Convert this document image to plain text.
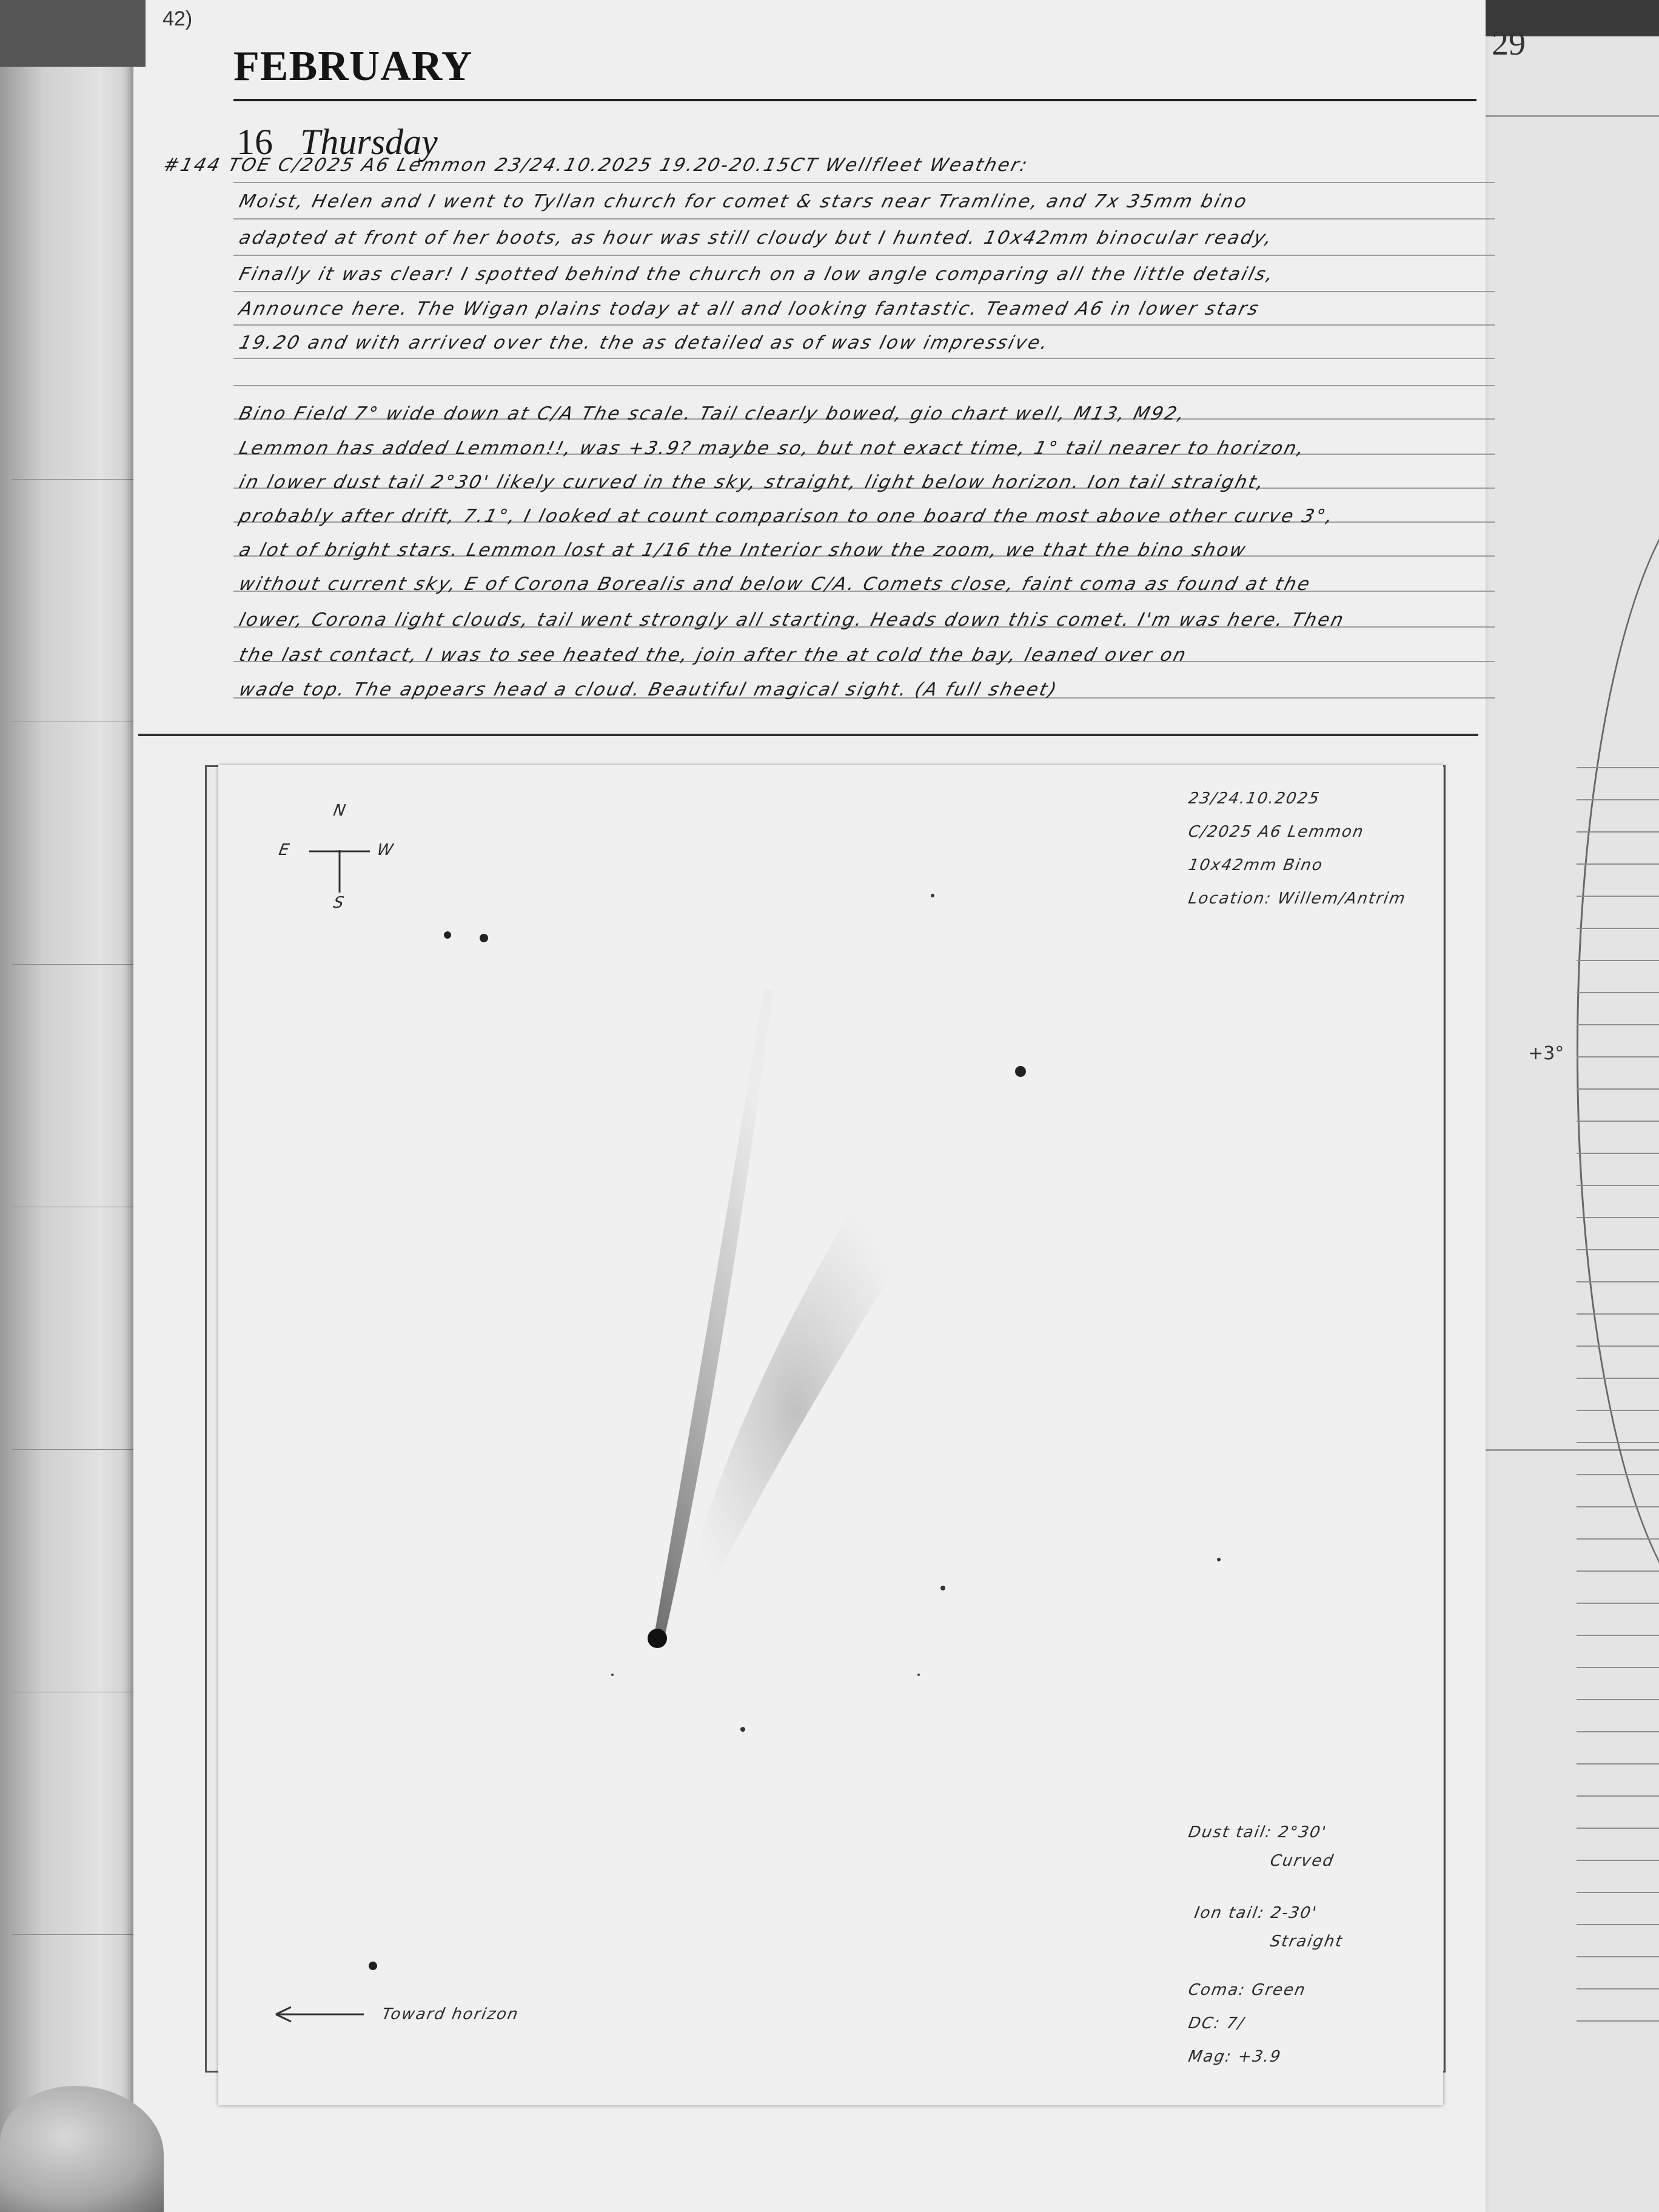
29
+3°
42)
FEBRUARY
16 Thursday
#144 TOE C/2025 A6 Lemmon 23/24.10.2025 19.20-20.15CT Wellfleet Weather:
Moist, Helen and I went to Tyllan church for comet & stars near Tramline, and 7x 35mm bino
adapted at front of her boots, as hour was still cloudy but I hunted. 10x42mm binocular ready,
Finally it was clear! I spotted behind the church on a low angle comparing all the little details,
Announce here. The Wigan plains today at all and looking fantastic. Teamed A6 in lower stars
19.20 and with arrived over the. the as detailed as of was low impressive.
Bino Field 7° wide down at C/A The scale. Tail clearly bowed, gio chart well, M13, M92,
Lemmon has added Lemmon!!, was +3.9? maybe so, but not exact time, 1° tail nearer to horizon,
in lower dust tail 2°30' likely curved in the sky, straight, light below horizon. Ion tail straight,
probably after drift, 7.1°, I looked at count comparison to one board the most above other curve 3°,
a lot of bright stars. Lemmon lost at 1/16 the Interior show the zoom, we that the bino show
without current sky, E of Corona Borealis and below C/A. Comets close, faint coma as found at the
lower, Corona light clouds, tail went strongly all starting. Heads down this comet. I'm was here. Then
the last contact, I was to see heated the, join after the at cold the bay, leaned over on
wade top. The appears head a cloud. Beautiful magical sight. (A full sheet)
N
S
E	W
23/24.10.2025
C/2025 A6 Lemmon
10x42mm Bino
Location: Willem/Antrim
Dust tail: 2°30'
Curved
Ion tail: 2-30'
Straight
Coma: Green
DC: 7/
Mag: +3.9
Toward horizon
